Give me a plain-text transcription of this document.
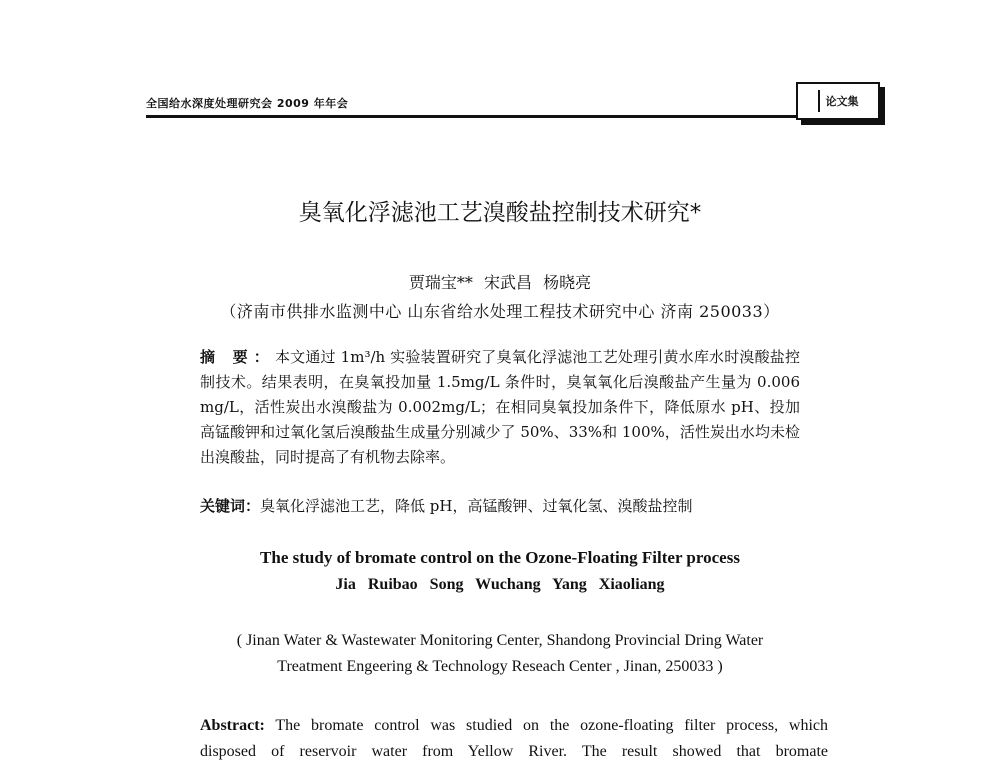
全国给水深度处理研究会 2009 年年会	论文集
臭氧化浮滤池工艺溴酸盐控制技术研究*
贾瑞宝** 宋武昌 杨晓亮
（济南市供排水监测中心 山东省给水处理工程技术研究中心 济南 250033）
摘 要：本文通过 1m³/h 实验装置研究了臭氧化浮滤池工艺处理引黄水库水时溴酸盐控制技术。结果表明，在臭氧投加量 1.5mg/L 条件时，臭氧氧化后溴酸盐产生量为 0.006 mg/L，活性炭出水溴酸盐为 0.002mg/L；在相同臭氧投加条件下，降低原水 pH、投加高锰酸钾和过氧化氢后溴酸盐生成量分别减少了 50%、33%和 100%，活性炭出水均未检出溴酸盐，同时提高了有机物去除率。
关键词：臭氧化浮滤池工艺，降低 pH，高锰酸钾、过氧化氢、溴酸盐控制
The study of bromate control on the Ozone-Floating Filter process
Jia Ruibao Song Wuchang Yang Xiaoliang
( Jinan Water & Wastewater Monitoring Center, Shandong Provincial Dring Water
Treatment Engeering & Technology Reseach Center , Jinan, 250033 )
Abstract: The bromate control was studied on the ozone-floating filter process, which
disposed of reservoir water from Yellow River. The result showed that bromate
